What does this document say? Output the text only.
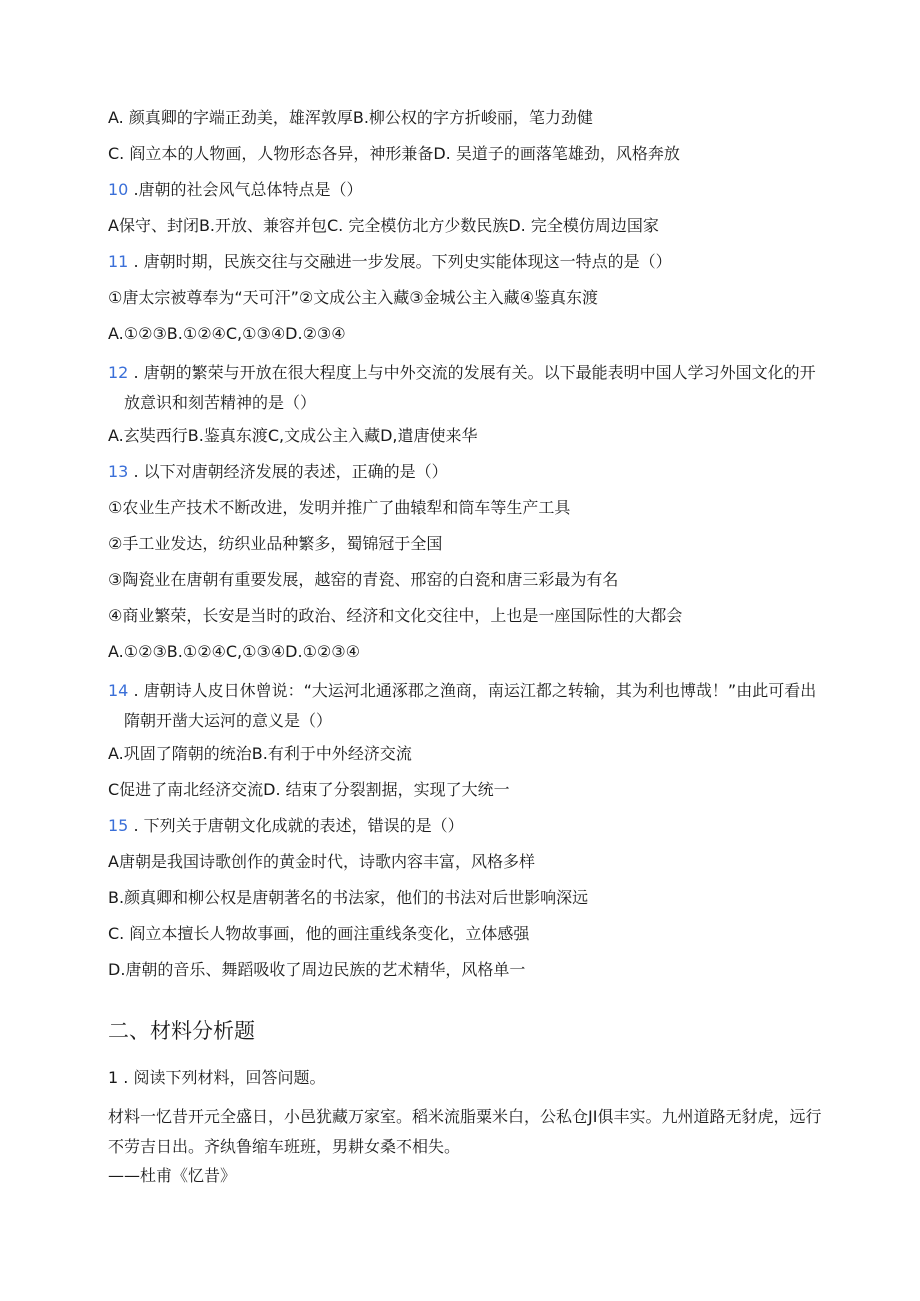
A. 颜真卿的字端正劲美，雄浑敦厚B.柳公权的字方折峻丽，笔力劲健
C. 阎立本的人物画，人物形态各异，神形兼备D. 吴道子的画落笔雄劲，风格奔放
10 .唐朝的社会风气总体特点是（）
A保守、封闭B.开放、兼容并包C. 完全模仿北方少数民族D. 完全模仿周边国家
11 . 唐朝时期，民族交往与交融进一步发展。下列史实能体现这一特点的是（）
①唐太宗被尊奉为“天可汗”②文成公主入藏③金城公主入藏④鉴真东渡
A.①②③B.①②④C,①③④D.②③④
12 . 唐朝的繁荣与开放在很大程度上与中外交流的发展有关。以下最能表明中国人学习外国文化的开放意识和刻苦精神的是（）
A.玄奘西行B.鉴真东渡C,文成公主入藏D,遣唐使来华
13 . 以下对唐朝经济发展的表述，正确的是（）
①农业生产技术不断改进，发明并推广了曲辕犁和筒车等生产工具
②手工业发达，纺织业品种繁多，蜀锦冠于全国
③陶瓷业在唐朝有重要发展，越窑的青瓷、邢窑的白瓷和唐三彩最为有名
④商业繁荣，长安是当时的政治、经济和文化交往中，上也是一座国际性的大都会
A.①②③B.①②④C,①③④D.①②③④
14 . 唐朝诗人皮日休曾说：“大运河北通涿郡之渔商，南运江都之转输，其为利也博哉！”由此可看出隋朝开凿大运河的意义是（）
A.巩固了隋朝的统治B.有利于中外经济交流
C促进了南北经济交流D. 结束了分裂割据，实现了大统一
15 . 下列关于唐朝文化成就的表述，错误的是（）
A唐朝是我国诗歌创作的黄金时代，诗歌内容丰富，风格多样
B.颜真卿和柳公权是唐朝著名的书法家，他们的书法对后世影响深远
C. 阎立本擅长人物故事画，他的画注重线条变化，立体感强
D.唐朝的音乐、舞蹈吸收了周边民族的艺术精华，风格单一
二、材料分析题
1 . 阅读下列材料，回答问题。
材料一忆昔开元全盛日，小邑犹藏万家室。稻米流脂粟米白，公私仓JI俱丰实。九州道路无豺虎，远行不劳吉日出。齐纨鲁缩车班班，男耕女桑不相失。
——杜甫《忆昔》
